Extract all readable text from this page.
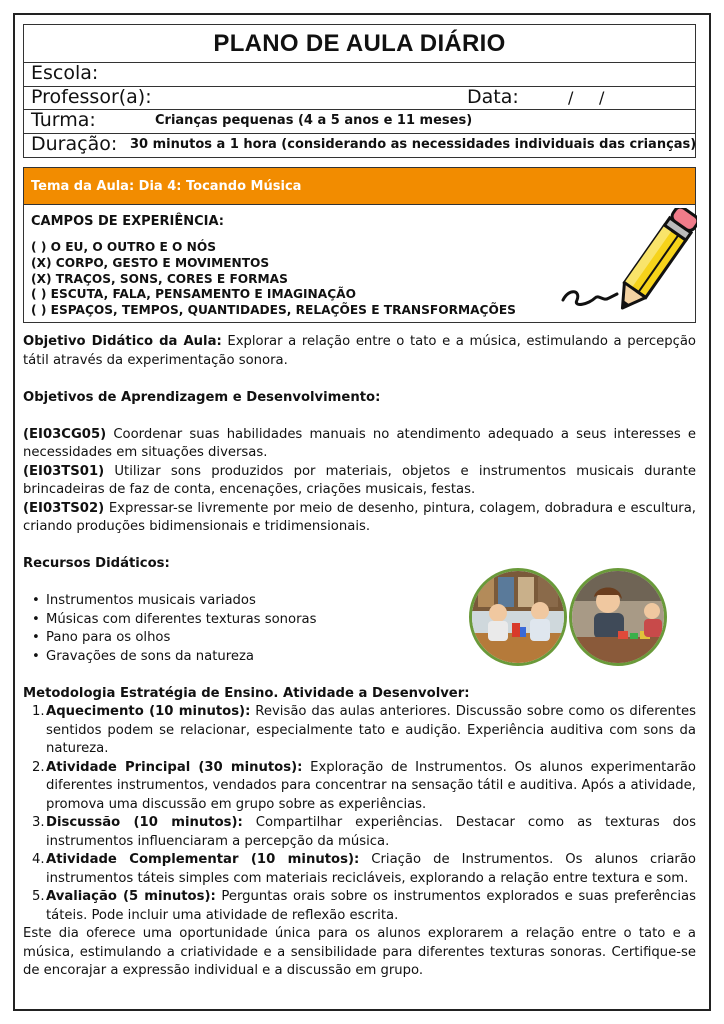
PLANO DE AULA DIÁRIO
Escola:
Professor(a):	Data:	/ /
Turma:	Crianças pequenas (4 a 5 anos e 11 meses)
Duração: 30 minutos a 1 hora (considerando as necessidades individuais das crianças)
Tema da Aula: Dia 4: Tocando Música
CAMPOS DE EXPERIÊNCIA:
( ) O EU, O OUTRO E O NÓS
(X) CORPO, GESTO E MOVIMENTOS
(X) TRAÇOS, SONS, CORES E FORMAS
( ) ESCUTA, FALA, PENSAMENTO E IMAGINAÇÃO
( ) ESPAÇOS, TEMPOS, QUANTIDADES, RELAÇÕES E TRANSFORMAÇÕES

Objetivo Didático da Aula: Explorar a relação entre o tato e a música, estimulando a percepção tátil através da experimentação sonora.

Objetivos de Aprendizagem e Desenvolvimento:

(EI03CG05) Coordenar suas habilidades manuais no atendimento adequado a seus interesses e necessidades em situações diversas.

(EI03TS01) Utilizar sons produzidos por materiais, objetos e instrumentos musicais durante brincadeiras de faz de conta, encenações, criações musicais, festas.

(EI03TS02) Expressar-se livremente por meio de desenho, pintura, colagem, dobradura e escultura, criando produções bidimensionais e tridimensionais.

Recursos Didáticos:

• Instrumentos musicais variados
• Músicas com diferentes texturas sonoras
• Pano para os olhos
• Gravações de sons da natureza

Metodologia Estratégia de Ensino. Atividade a Desenvolver:

1. Aquecimento (10 minutos): Revisão das aulas anteriores. Discussão sobre como os diferentes sentidos podem se relacionar, especialmente tato e audição. Experiência auditiva com sons da natureza.
2. Atividade Principal (30 minutos): Exploração de Instrumentos. Os alunos experimentarão diferentes instrumentos, vendados para concentrar na sensação tátil e auditiva. Após a atividade, promova uma discussão em grupo sobre as experiências.
3. Discussão (10 minutos): Compartilhar experiências. Destacar como as texturas dos instrumentos influenciaram a percepção da música.
4. Atividade Complementar (10 minutos): Criação de Instrumentos. Os alunos criarão instrumentos táteis simples com materiais recicláveis, explorando a relação entre textura e som.
5. Avaliação (5 minutos): Perguntas orais sobre os instrumentos explorados e suas preferências táteis. Pode incluir uma atividade de reflexão escrita.

Este dia oferece uma oportunidade única para os alunos explorarem a relação entre o tato e a música, estimulando a criatividade e a sensibilidade para diferentes texturas sonoras. Certifique-se de encorajar a expressão individual e a discussão em grupo.
